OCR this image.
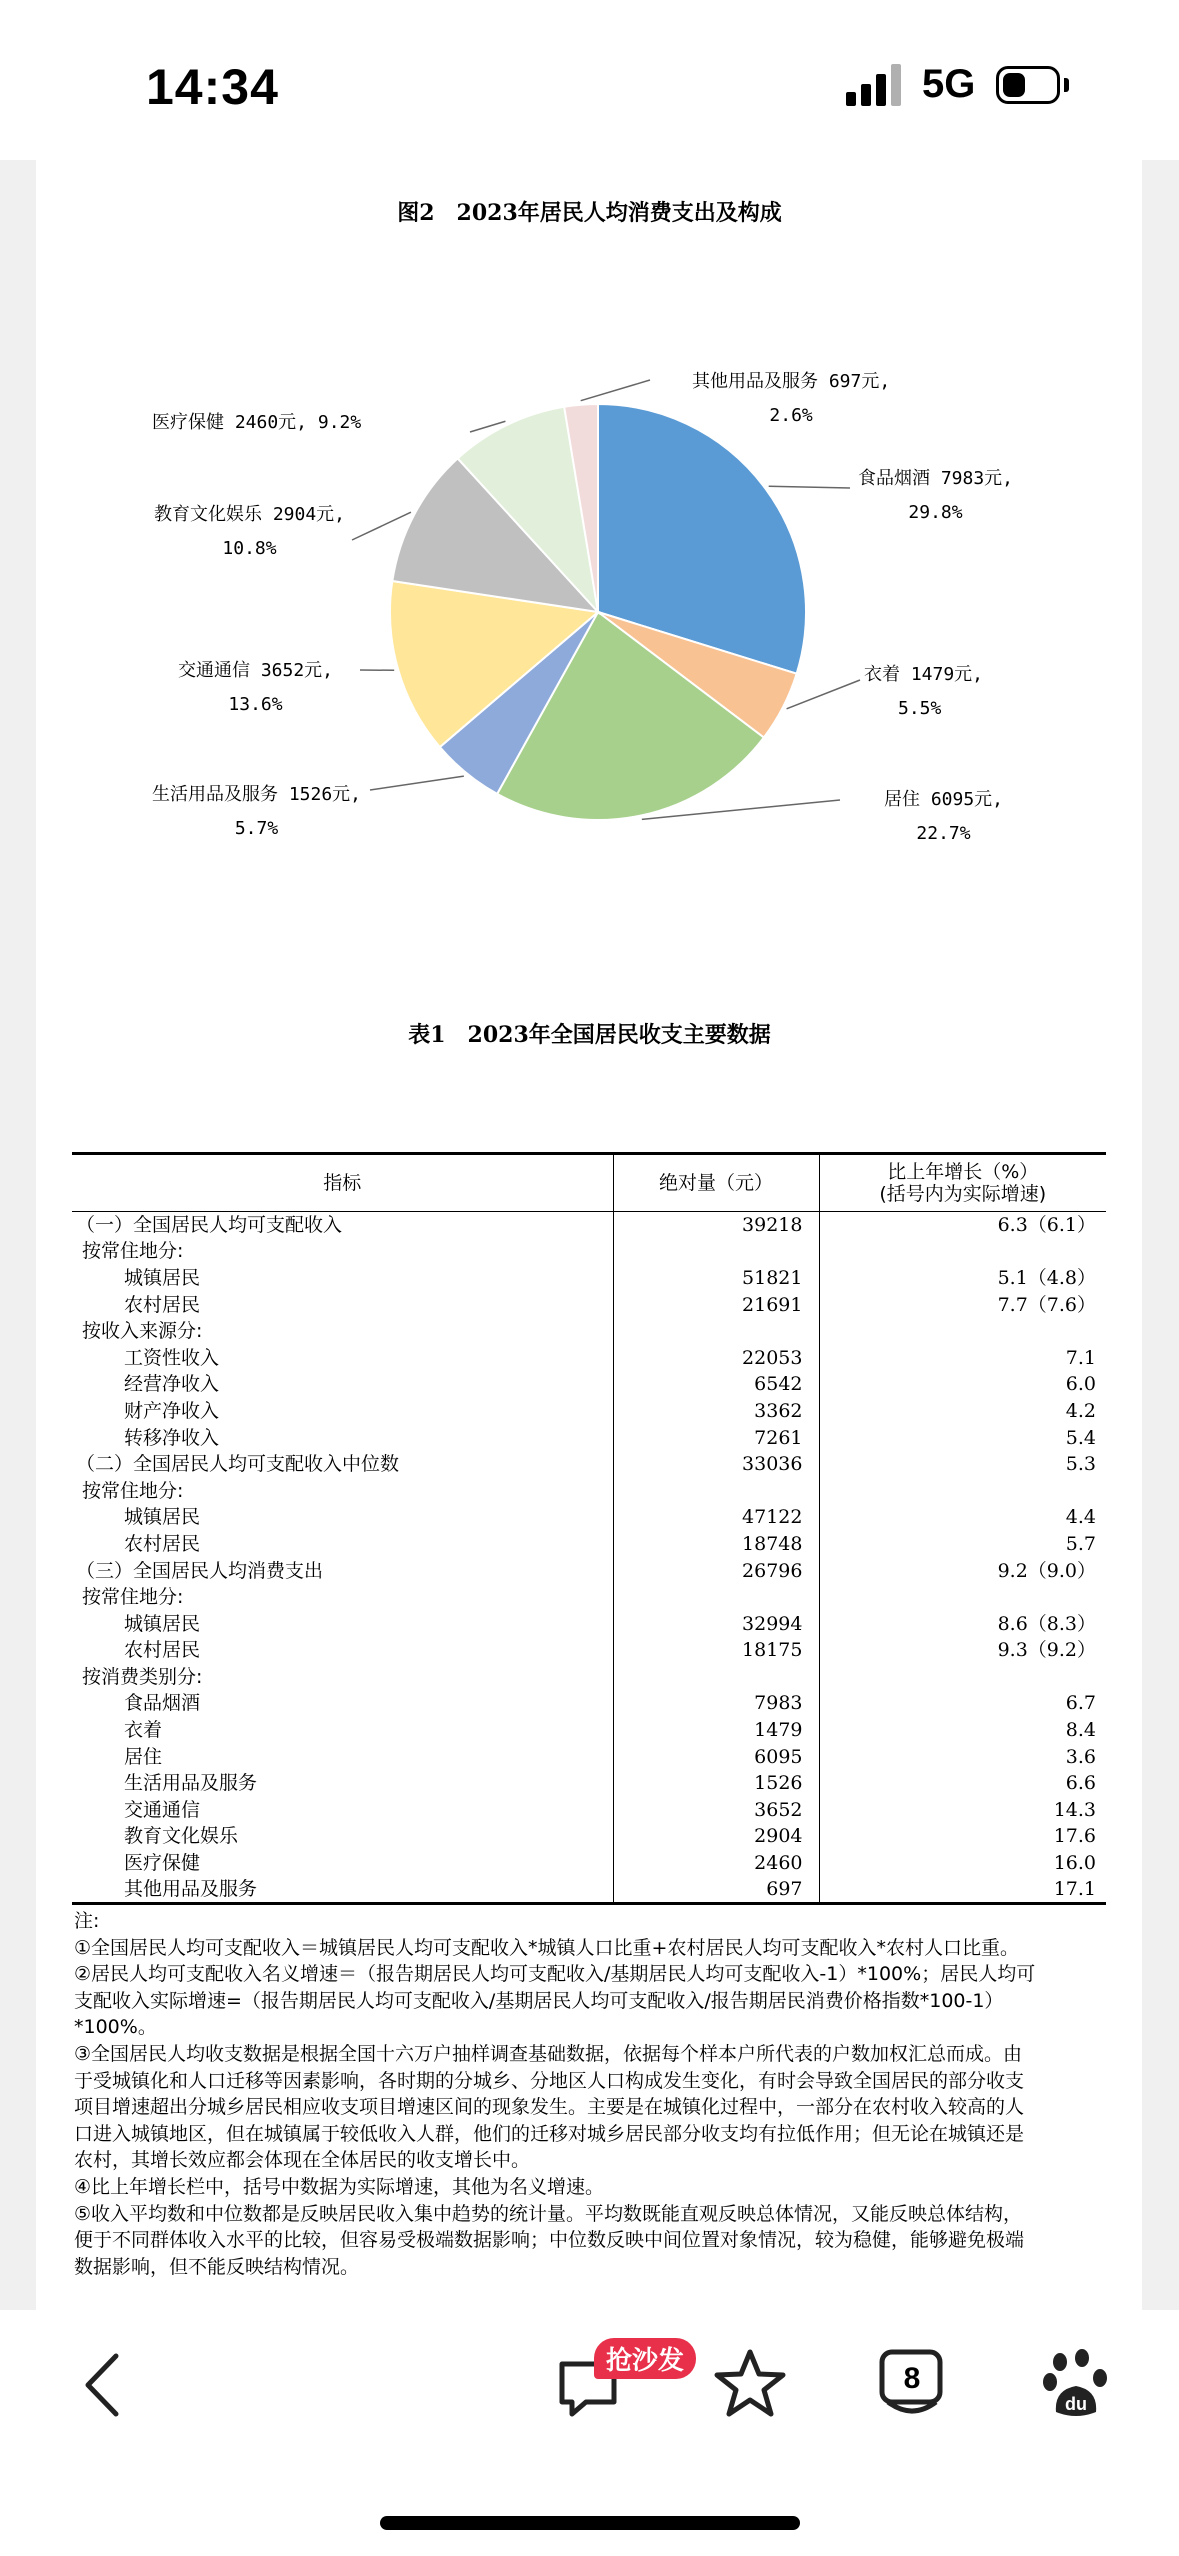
14:34	5G
图2　2023年居民人均消费支出及构成
食品烟酒 7983元,
29.8%
衣着 1479元,
5.5%
居住 6095元,
22.7%
生活用品及服务 1526元,
5.7%
交通通信 3652元,
13.6%
教育文化娱乐 2904元,
10.8%
医疗保健 2460元, 9.2%
其他用品及服务 697元,
2.6%
表1　2023年全国居民收支主要数据
指标	绝对量（元）	比上年增长（%）
(括号内为实际增速)

（一）全国居民人均可支配收入	39218	6.3（6.1）
按常住地分:		
城镇居民	51821	5.1（4.8）
农村居民	21691	7.7（7.6）
按收入来源分:		
工资性收入	22053	7.1
经营净收入	6542	6.0
财产净收入	3362	4.2
转移净收入	7261	5.4
（二）全国居民人均可支配收入中位数	33036	5.3
按常住地分:		
城镇居民	47122	4.4
农村居民	18748	5.7
（三）全国居民人均消费支出	26796	9.2（9.0）
按常住地分:		
城镇居民	32994	8.6（8.3）
农村居民	18175	9.3（9.2）
按消费类别分:		
食品烟酒	7983	6.7
衣着	1479	8.4
居住	6095	3.6
生活用品及服务	1526	6.6
交通通信	3652	14.3
教育文化娱乐	2904	17.6
医疗保健	2460	16.0
其他用品及服务	697	17.1

注:

①全国居民人均可支配收入＝城镇居民人均可支配收入*城镇人口比重+农村居民人均可支配收入*农村人口比重。

②居民人均可支配收入名义增速＝（报告期居民人均可支配收入/基期居民人均可支配收入-1）*100%；居民人均可

支配收入实际增速=（报告期居民人均可支配收入/基期居民人均可支配收入/报告期居民消费价格指数*100-1）

*100%。

③全国居民人均收支数据是根据全国十六万户抽样调查基础数据，依据每个样本户所代表的户数加权汇总而成。由

于受城镇化和人口迁移等因素影响，各时期的分城乡、分地区人口构成发生变化，有时会导致全国居民的部分收支

项目增速超出分城乡居民相应收支项目增速区间的现象发生。主要是在城镇化过程中，一部分在农村收入较高的人

口进入城镇地区，但在城镇属于较低收入人群，他们的迁移对城乡居民部分收支均有拉低作用；但无论在城镇还是

农村，其增长效应都会体现在全体居民的收支增长中。

④比上年增长栏中，括号中数据为实际增速，其他为名义增速。

⑤收入平均数和中位数都是反映居民收入集中趋势的统计量。平均数既能直观反映总体情况，又能反映总体结构，

便于不同群体收入水平的比较，但容易受极端数据影响；中位数反映中间位置对象情况，较为稳健，能够避免极端

数据影响，但不能反映结构情况。

抢沙发
8
du
